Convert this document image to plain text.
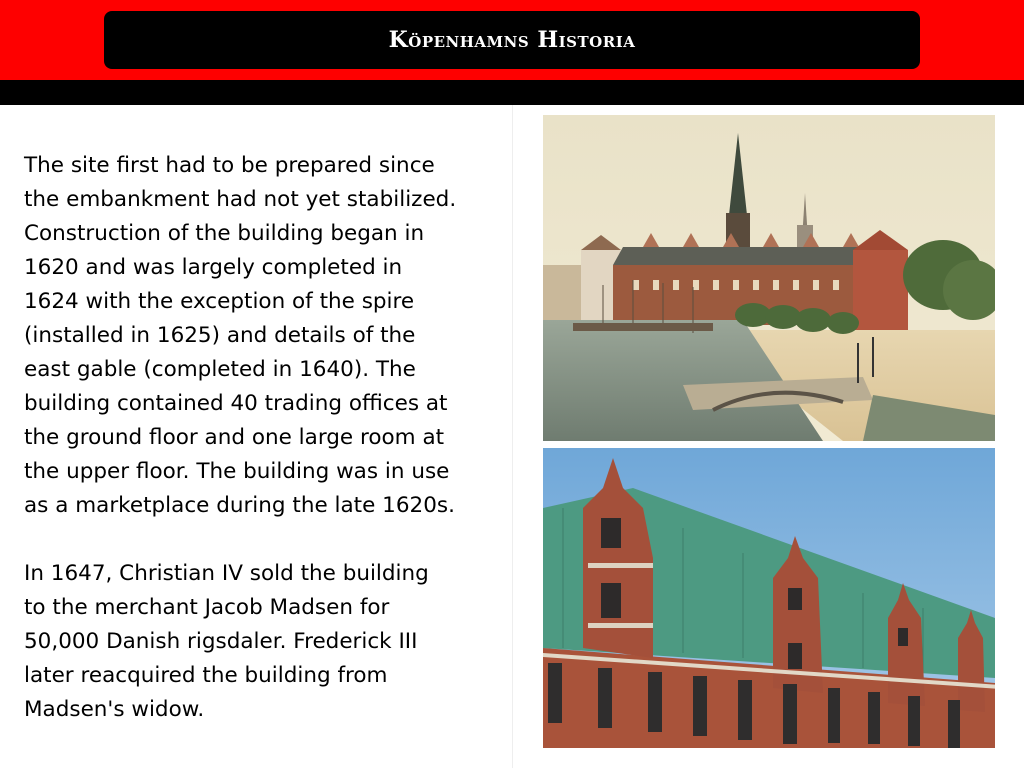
Köpenhamns Historia

The site first had to be prepared since
the embankment had not yet stabilized.
Construction of the building began in
1620 and was largely completed in
1624 with the exception of the spire
(installed in 1625) and details of the
east gable (completed in 1640). The
building contained 40 trading offices at
the ground floor and one large room at
the upper floor. The building was in use
as a marketplace during the late 1620s.

In 1647, Christian IV sold the building
to the merchant Jacob Madsen for
50,000 Danish rigsdaler. Frederick III
later reacquired the building from
Madsen's widow.
